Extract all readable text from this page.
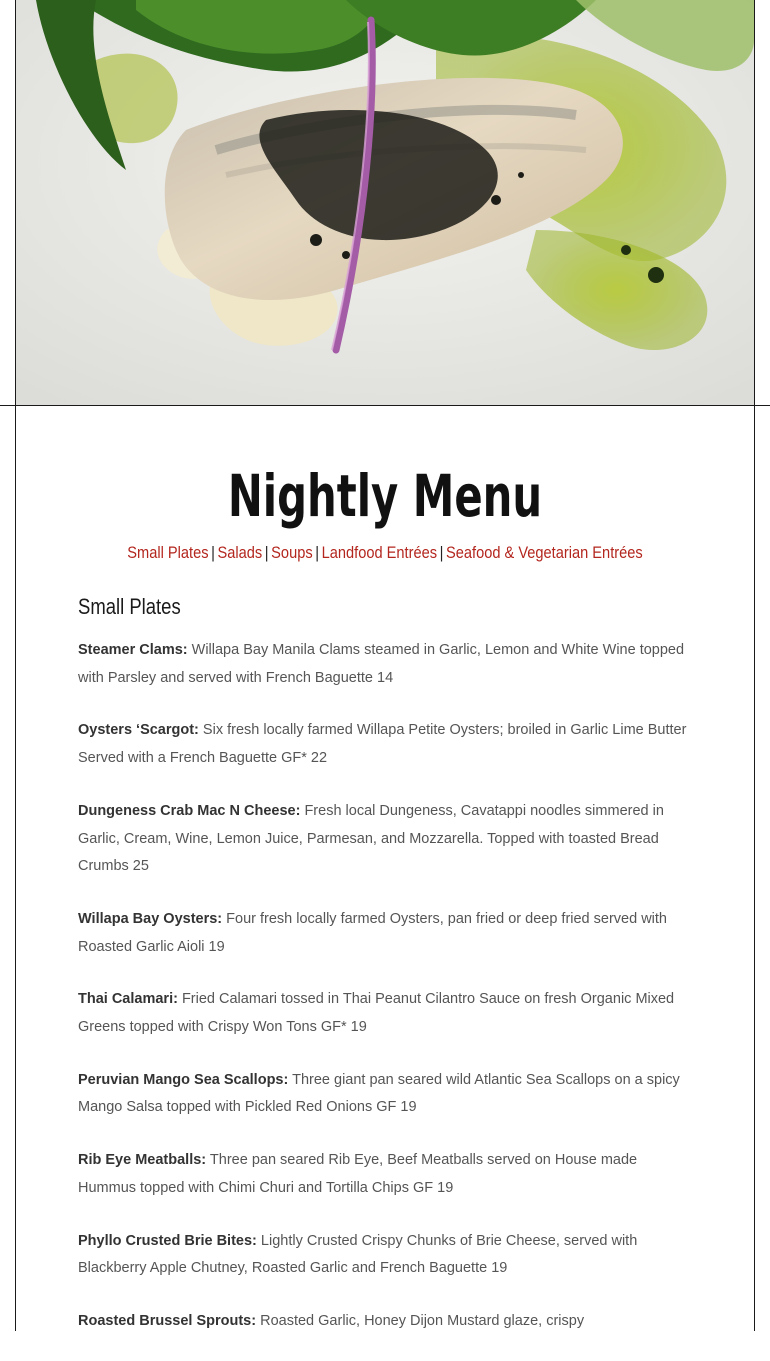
Nightly Menu
Small Plates | Salads | Soups | Landfood Entrées | Seafood & Vegetarian Entrées
Small Plates

Steamer Clams: Willapa Bay Manila Clams steamed in Garlic, Lemon and White Wine topped with Parsley and served with French Baguette 14

Oysters ‘Scargot: Six fresh locally farmed Willapa Petite Oysters; broiled in Garlic Lime Butter Served with a French Baguette GF* 22

Dungeness Crab Mac N Cheese: Fresh local Dungeness, Cavatappi noodles simmered in Garlic, Cream, Wine, Lemon Juice, Parmesan, and Mozzarella. Topped with toasted Bread Crumbs 25

Willapa Bay Oysters: Four fresh locally farmed Oysters, pan fried or deep fried served with Roasted Garlic Aioli 19

Thai Calamari: Fried Calamari tossed in Thai Peanut Cilantro Sauce on fresh Organic Mixed Greens topped with Crispy Won Tons GF* 19

Peruvian Mango Sea Scallops: Three giant pan seared wild Atlantic Sea Scallops on a spicy Mango Salsa topped with Pickled Red Onions GF 19

Rib Eye Meatballs: Three pan seared Rib Eye, Beef Meatballs served on House made Hummus topped with Chimi Churi and Tortilla Chips GF 19

Phyllo Crusted Brie Bites: Lightly Crusted Crispy Chunks of Brie Cheese, served with Blackberry Apple Chutney, Roasted Garlic and French Baguette 19

Roasted Brussel Sprouts: Roasted Garlic, Honey Dijon Mustard glaze, crispy
